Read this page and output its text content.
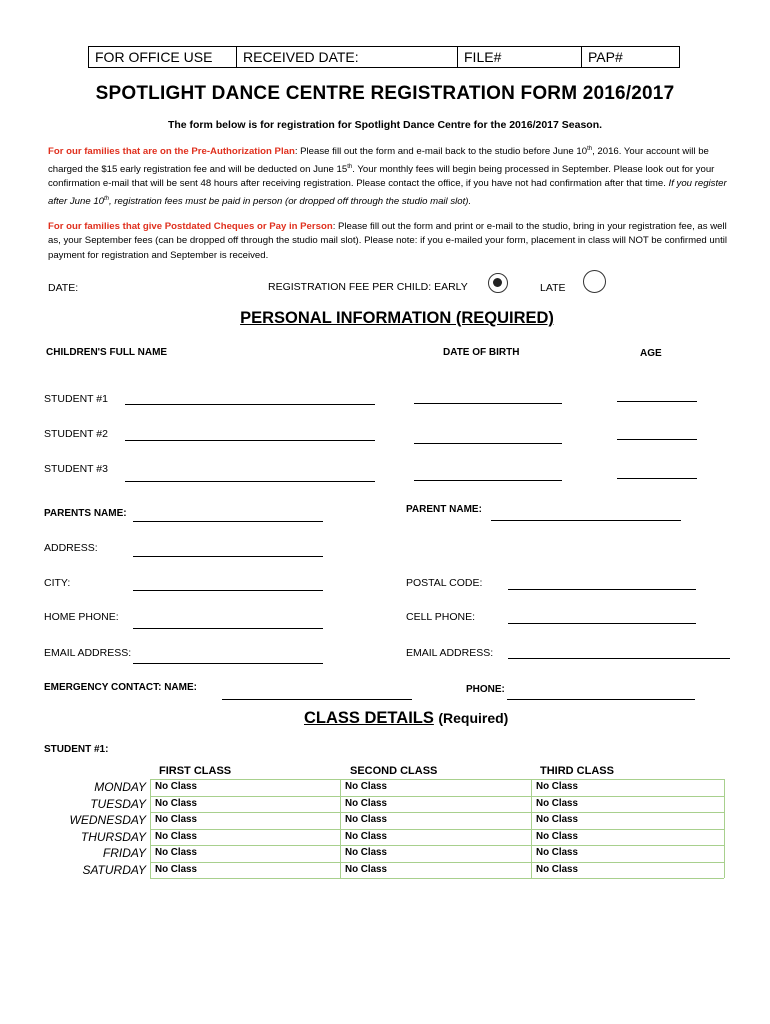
FOR OFFICE USE	RECEIVED DATE:	FILE#	PAP#
SPOTLIGHT DANCE CENTRE REGISTRATION FORM 2016/2017
The form below is for registration for Spotlight Dance Centre for the 2016/2017 Season.
For our families that are on the Pre-Authorization Plan: Please fill out the form and e-mail back to the studio before June 10th, 2016. Your account will be charged the $15 early registration fee and will be deducted on June 15th. Your monthly fees will begin being processed in September. Please look out for your confirmation e-mail that will be sent 48 hours after receiving registration. Please contact the office, if you have not had confirmation after that time. If you register after June 10th, registration fees must be paid in person (or dropped off through the studio mail slot).
For our families that give Postdated Cheques or Pay in Person: Please fill out the form and print or e-mail to the studio, bring in your registration fee, as well as, your September fees (can be dropped off through the studio mail slot). Please note: if you e-mailed your form, placement in class will NOT be confirmed until payment for registration and September is received.
DATE:	REGISTRATION FEE PER CHILD: EARLY	LATE
PERSONAL INFORMATION (REQUIRED)
CHILDREN'S FULL NAME	DATE OF BIRTH	AGE
STUDENT #1
STUDENT #2
STUDENT #3
PARENTS NAME:	PARENT NAME:
ADDRESS:
CITY:	POSTAL CODE:
HOME PHONE:	CELL PHONE:
EMAIL ADDRESS:	EMAIL ADDRESS:
EMERGENCY CONTACT: NAME:	PHONE:
CLASS DETAILS (Required)
STUDENT #1:
FIRST CLASS	SECOND CLASS	THIRD CLASS
MONDAY No Class	No Class	No Class
TUESDAY No Class	No Class	No Class
WEDNESDAY No Class	No Class	No Class
THURSDAY No Class	No Class	No Class
FRIDAY No Class	No Class	No Class
SATURDAY No Class	No Class	No Class
